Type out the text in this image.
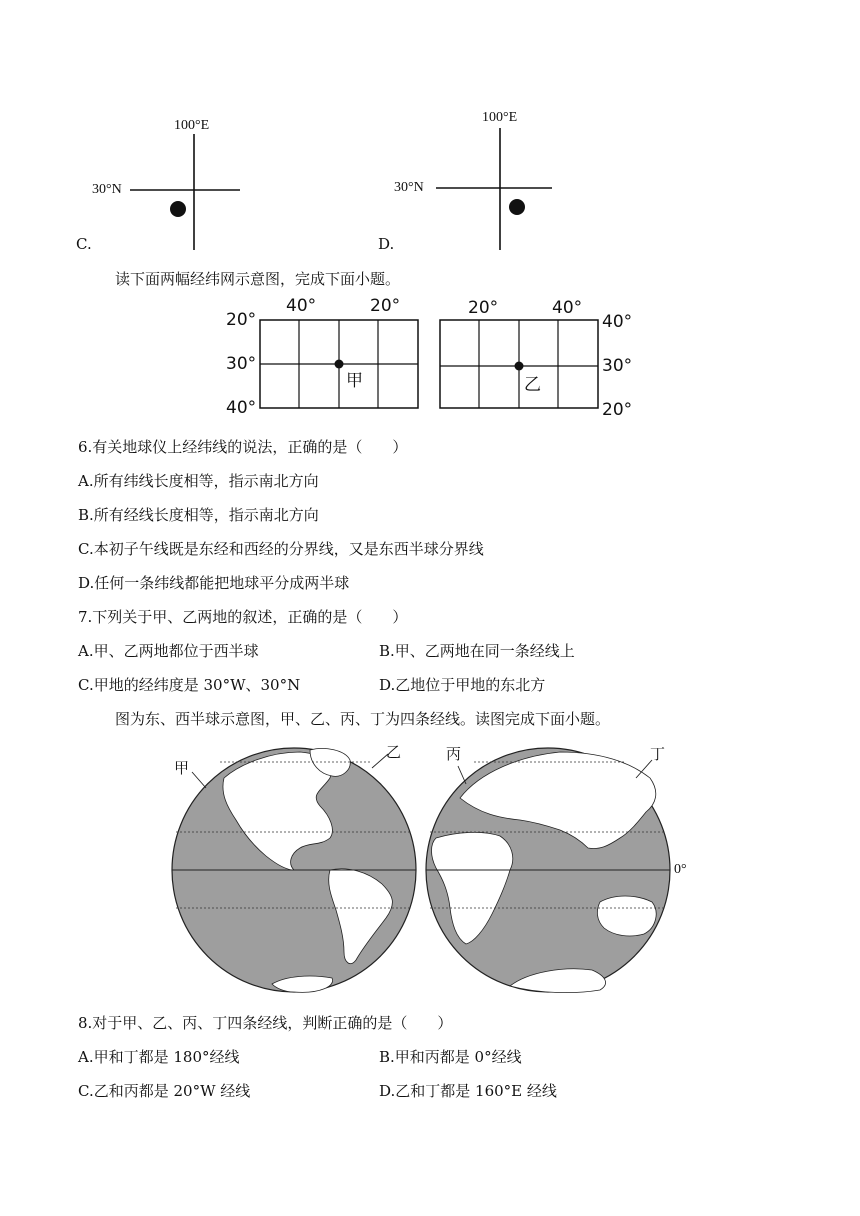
C.
100°E
30°N
D.
100°E
30°N
读下面两幅经纬网示意图，完成下面小题。
40°	20°
20°
30°
40°
甲
20°	40°
40°
30°
20°
乙
6.有关地球仪上经纬线的说法，正确的是（　　）
A.所有纬线长度相等，指示南北方向
B.所有经线长度相等，指示南北方向
C.本初子午线既是东经和西经的分界线，又是东西半球分界线
D.任何一条纬线都能把地球平分成两半球
7.下列关于甲、乙两地的叙述，正确的是（　　）
A.甲、乙两地都位于西半球	B.甲、乙两地在同一条经线上
C.甲地的经纬度是 30°W、30°N	D.乙地位于甲地的东北方
图为东、西半球示意图，甲、乙、丙、丁为四条经线。读图完成下面小题。
甲
乙	丙	丁
0°
8.对于甲、乙、丙、丁四条经线，判断正确的是（　　）
A.甲和丁都是 180°经线	B.甲和丙都是 0°经线
C.乙和丙都是 20°W 经线	D.乙和丁都是 160°E 经线
